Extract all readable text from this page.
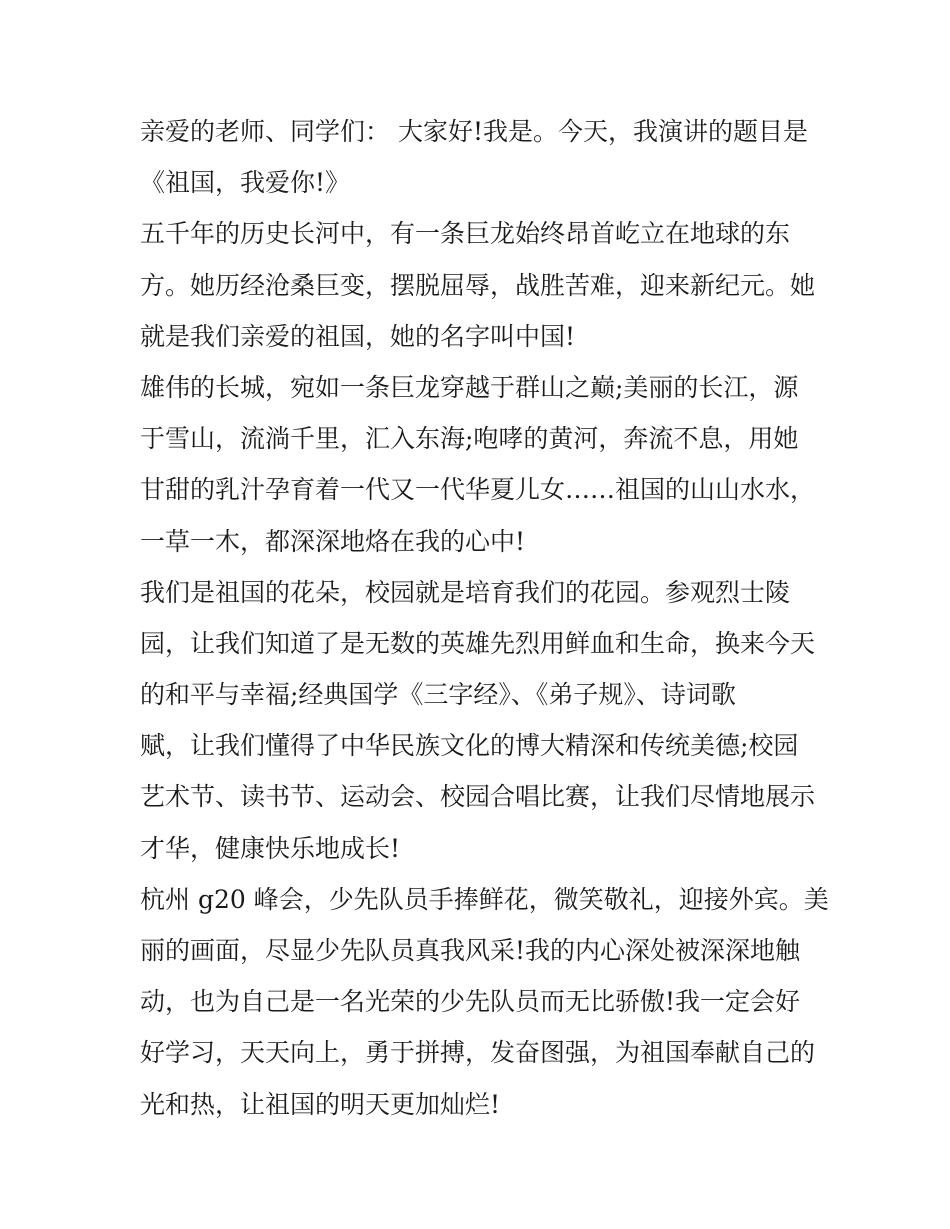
亲爱的老师、同学们： 大家好!我是。今天，我演讲的题目是
《祖国，我爱你!》
五千年的历史长河中，有一条巨龙始终昂首屹立在地球的东
方。她历经沧桑巨变，摆脱屈辱，战胜苦难，迎来新纪元。她
就是我们亲爱的祖国，她的名字叫中国!
雄伟的长城，宛如一条巨龙穿越于群山之巅;美丽的长江，源
于雪山，流淌千里，汇入东海;咆哮的黄河，奔流不息，用她
甘甜的乳汁孕育着一代又一代华夏儿女……祖国的山山水水，
一草一木，都深深地烙在我的心中!
我们是祖国的花朵，校园就是培育我们的花园。参观烈士陵
园，让我们知道了是无数的英雄先烈用鲜血和生命，换来今天
的和平与幸福;经典国学《三字经》、《弟子规》、诗词歌
赋，让我们懂得了中华民族文化的博大精深和传统美德;校园
艺术节、读书节、运动会、校园合唱比赛，让我们尽情地展示
才华，健康快乐地成长!
杭州 g20 峰会，少先队员手捧鲜花，微笑敬礼，迎接外宾。美
丽的画面，尽显少先队员真我风采!我的内心深处被深深地触
动，也为自己是一名光荣的少先队员而无比骄傲!我一定会好
好学习，天天向上，勇于拼搏，发奋图强，为祖国奉献自己的
光和热，让祖国的明天更加灿烂!
